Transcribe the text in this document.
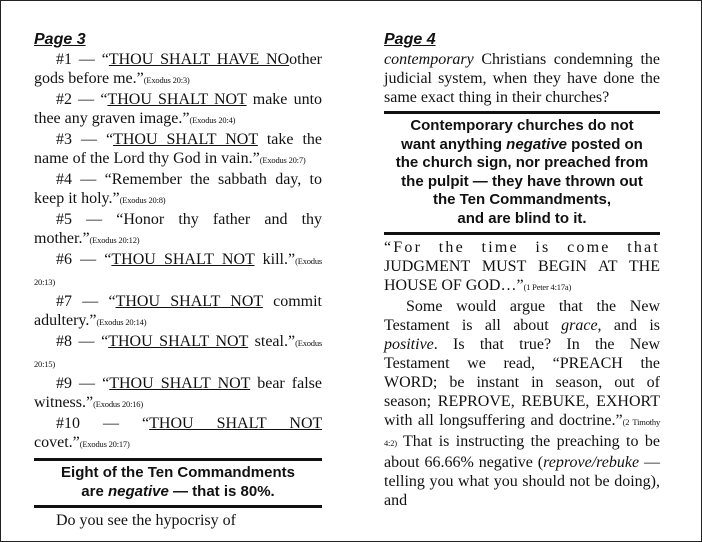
Page 3

#1 — “THOU SHALT HAVE NOother gods before me.”(Exodus 20:3)

#2 — “THOU SHALT NOT make unto thee any graven image.”(Exodus 20:4)

#3 — “THOU SHALT NOT take the name of the Lord thy God in vain.”(Exodus 20:7)

#4 — “Remember the sabbath day, to keep it holy.”(Exodus 20:8)

#5 — “Honor thy father and thy mother.”(Exodus 20:12)

#6 — “THOU SHALT NOT kill.”(Exodus 20:13)

#7 — “THOU SHALT NOT commit adultery.”(Exodus 20:14)

#8 — “THOU SHALT NOT steal.”(Exodus 20:15)

#9 — “THOU SHALT NOT bear false witness.”(Exodus 20:16)

#10 — “THOU SHALT NOT covet.”(Exodus 20:17)

Eight of the Ten Commandments
are negative — that is 80%.

Do you see the hypocrisy of

Page 4

contemporary Christians condemning the judicial system, when they have done the same exact thing in their churches?

Contemporary churches do not
want anything negative posted on
the church sign, nor preached from
the pulpit — they have thrown out
the Ten Commandments,
and are blind to it.

“For the time is come that JUDGMENT MUST BEGIN AT THE HOUSE OF GOD…”(1 Peter 4:17a)

Some would argue that the New Testament is all about grace, and is positive. Is that true? In the New Testament we read, “PREACH the WORD; be instant in season, out of season; REPROVE, REBUKE, EXHORT with all longsuffering and doctrine.”(2 Timothy 4:2) That is instructing the preaching to be about 66.66% negative (reprove/rebuke — telling you what you should not be doing), and
